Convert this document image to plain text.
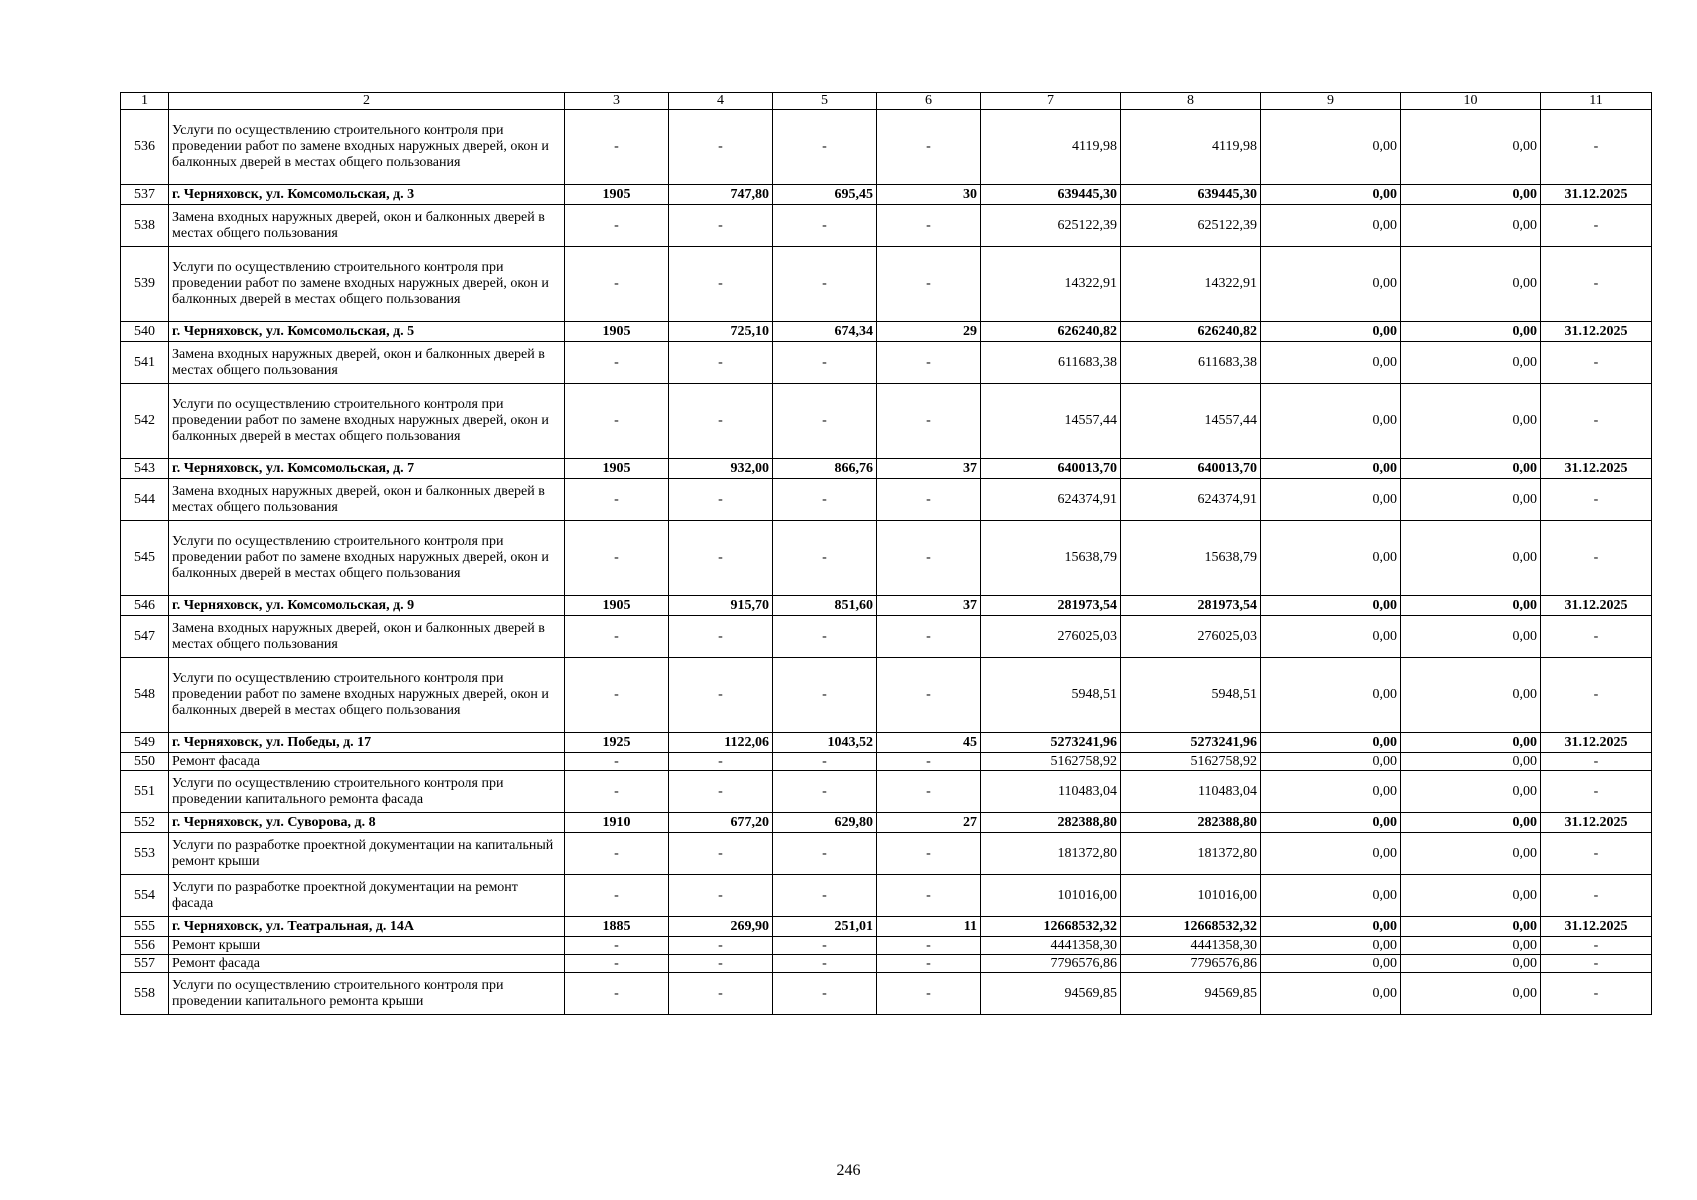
1	2	3	4	5	6	7	8	9	10	11
536	Услуги по осуществлению строительного контроля при проведении работ по замене входных наружных дверей, окон и балконных дверей в местах общего пользования	-	-	-	-	4119,98	4119,98	0,00	0,00	-
537	г. Черняховск, ул. Комсомольская, д. 3	1905	747,80	695,45	30	639445,30	639445,30	0,00	0,00	31.12.2025
538	Замена входных наружных дверей, окон и балконных дверей в местах общего пользования	-	-	-	-	625122,39	625122,39	0,00	0,00	-
539	Услуги по осуществлению строительного контроля при проведении работ по замене входных наружных дверей, окон и балконных дверей в местах общего пользования	-	-	-	-	14322,91	14322,91	0,00	0,00	-
540	г. Черняховск, ул. Комсомольская, д. 5	1905	725,10	674,34	29	626240,82	626240,82	0,00	0,00	31.12.2025
541	Замена входных наружных дверей, окон и балконных дверей в местах общего пользования	-	-	-	-	611683,38	611683,38	0,00	0,00	-
542	Услуги по осуществлению строительного контроля при проведении работ по замене входных наружных дверей, окон и балконных дверей в местах общего пользования	-	-	-	-	14557,44	14557,44	0,00	0,00	-
543	г. Черняховск, ул. Комсомольская, д. 7	1905	932,00	866,76	37	640013,70	640013,70	0,00	0,00	31.12.2025
544	Замена входных наружных дверей, окон и балконных дверей в местах общего пользования	-	-	-	-	624374,91	624374,91	0,00	0,00	-
545	Услуги по осуществлению строительного контроля при проведении работ по замене входных наружных дверей, окон и балконных дверей в местах общего пользования	-	-	-	-	15638,79	15638,79	0,00	0,00	-
546	г. Черняховск, ул. Комсомольская, д. 9	1905	915,70	851,60	37	281973,54	281973,54	0,00	0,00	31.12.2025
547	Замена входных наружных дверей, окон и балконных дверей в местах общего пользования	-	-	-	-	276025,03	276025,03	0,00	0,00	-
548	Услуги по осуществлению строительного контроля при проведении работ по замене входных наружных дверей, окон и балконных дверей в местах общего пользования	-	-	-	-	5948,51	5948,51	0,00	0,00	-
549	г. Черняховск, ул. Победы, д. 17	1925	1122,06	1043,52	45	5273241,96	5273241,96	0,00	0,00	31.12.2025
550	Ремонт фасада	-	-	-	-	5162758,92	5162758,92	0,00	0,00	-
551	Услуги по осуществлению строительного контроля при проведении капитального ремонта фасада	-	-	-	-	110483,04	110483,04	0,00	0,00	-
552	г. Черняховск, ул. Суворова, д. 8	1910	677,20	629,80	27	282388,80	282388,80	0,00	0,00	31.12.2025
553	Услуги по разработке проектной документации на капитальный ремонт крыши	-	-	-	-	181372,80	181372,80	0,00	0,00	-
554	Услуги по разработке проектной документации на ремонт фасада	-	-	-	-	101016,00	101016,00	0,00	0,00	-
555	г. Черняховск, ул. Театральная, д. 14А	1885	269,90	251,01	11	12668532,32	12668532,32	0,00	0,00	31.12.2025
556	Ремонт крыши	-	-	-	-	4441358,30	4441358,30	0,00	0,00	-
557	Ремонт фасада	-	-	-	-	7796576,86	7796576,86	0,00	0,00	-
558	Услуги по осуществлению строительного контроля при проведении капитального ремонта крыши	-	-	-	-	94569,85	94569,85	0,00	0,00	-
246
